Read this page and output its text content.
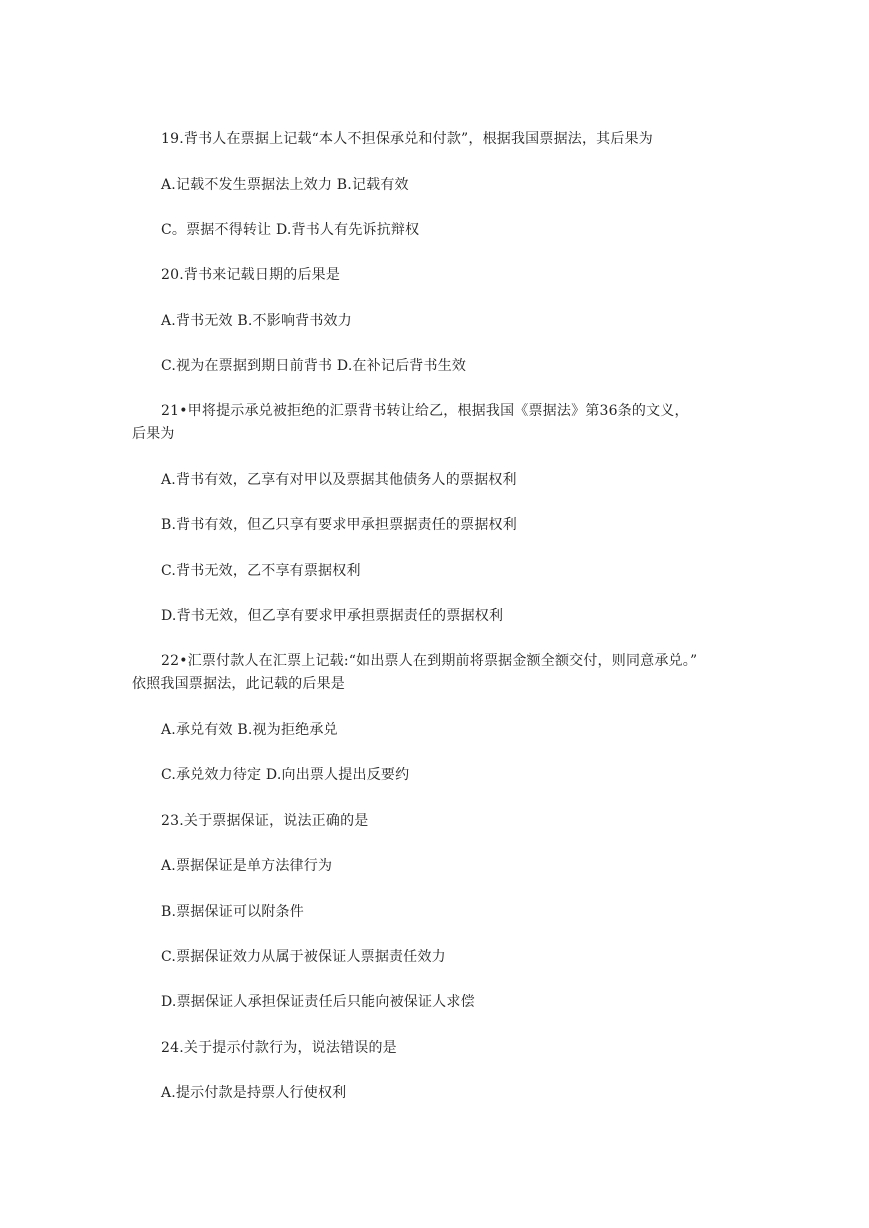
19.背书人在票据上记载“本人不担保承兑和付款”，根据我国票据法，其后果为
A.记载不发生票据法上效力 B.记载有效
C。票据不得转让 D.背书人有先诉抗辩权
20.背书来记载日期的后果是
A.背书无效 B.不影响背书效力
C.视为在票据到期日前背书 D.在补记后背书生效
21•甲将提示承兑被拒绝的汇票背书转让给乙，根据我国《票据法》第36条的文义，
后果为
A.背书有效，乙享有对甲以及票据其他债务人的票据权利
B.背书有效，但乙只享有要求甲承担票据责任的票据权利
C.背书无效，乙不享有票据权利
D.背书无效，但乙享有要求甲承担票据责任的票据权利
22•汇票付款人在汇票上记载:“如出票人在到期前将票据金额全额交付，则同意承兑。”
依照我国票据法，此记载的后果是
A.承兑有效 B.视为拒绝承兑
C.承兑效力待定 D.向出票人提出反要约
23.关于票据保证，说法正确的是
A.票据保证是单方法律行为
B.票据保证可以附条件
C.票据保证效力从属于被保证人票据责任效力
D.票据保证人承担保证责任后只能向被保证人求偿
24.关于提示付款行为，说法错误的是
A.提示付款是持票人行使权利
